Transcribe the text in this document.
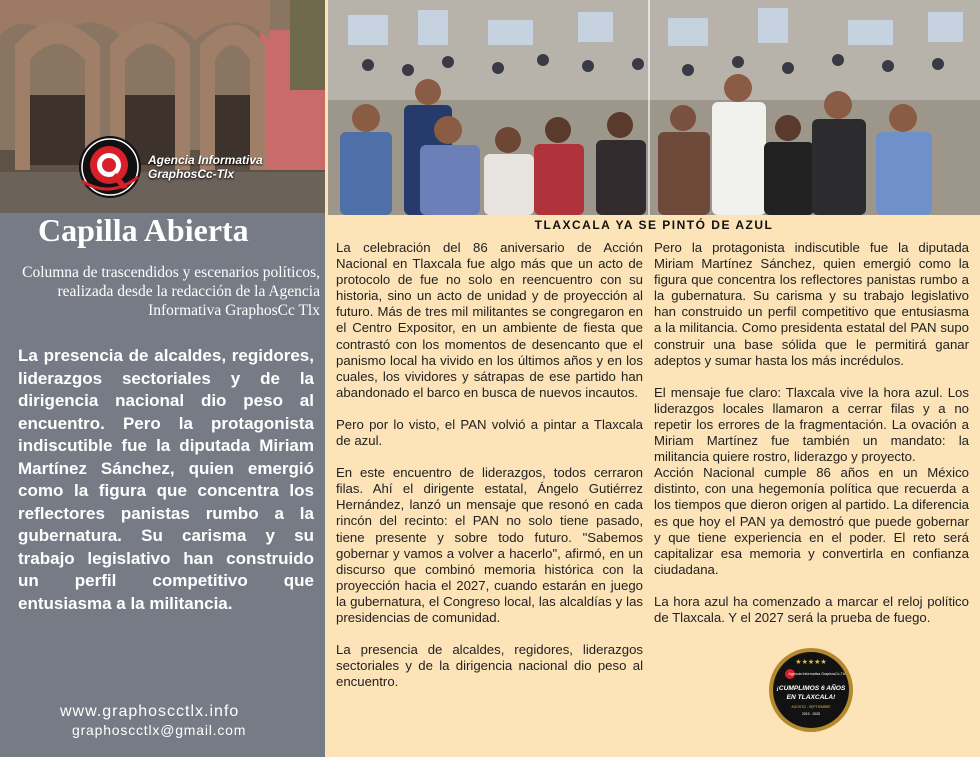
Agencia Informativa
GraphosCc-Tlx
Capilla Abierta
Columna de trascendidos y escenarios políticos, realizada desde la redacción de la Agencia Informativa GraphosCc Tlx
La presencia de alcaldes, regidores, liderazgos sectoriales y de la dirigencia nacional dio peso al encuentro. Pero la protagonista indiscutible fue la diputada Miriam Martínez Sánchez, quien emergió como la figura que concentra los reflectores panistas rumbo a la gubernatura. Su carisma y su trabajo legislativo han construido un perfil competitivo que entusiasma a la militancia.
www.graphoscctlx.info
graphoscctlx@gmail.com
TLAXCALA YA SE PINTÓ DE AZUL

La celebración del 86 aniversario de Acción Nacional en Tlaxcala fue algo más que un acto de protocolo de fue no solo en reencuentro con su historia, sino un acto de unidad y de proyección al futuro. Más de tres mil militantes se congregaron en el Centro Expositor, en un ambiente de fiesta que contrastó con los momentos de desencanto que el panismo local ha vivido en los últimos años y en los cuales, los vividores y sátrapas de ese partido han abandonado el barco en busca de nuevos incautos.

Pero por lo visto, el PAN volvió a pintar a Tlaxcala de azul.

En este encuentro de liderazgos, todos cerraron filas. Ahí el dirigente estatal, Ángelo Gutiérrez Hernández, lanzó un mensaje que resonó en cada rincón del recinto: el PAN no solo tiene pasado, tiene presente y sobre todo futuro. "Sabemos gobernar y vamos a volver a hacerlo", afirmó, en un discurso que combinó memoria histórica con la proyección hacia el 2027, cuando estarán en juego la gubernatura, el Congreso local, las alcaldías y las presidencias de comunidad.

La presencia de alcaldes, regidores, liderazgos sectoriales y de la dirigencia nacional dio peso al encuentro.

Pero la protagonista indiscutible fue la diputada Miriam Martínez Sánchez, quien emergió como la figura que concentra los reflectores panistas rumbo a la gubernatura. Su carisma y su trabajo legislativo han construido un perfil competitivo que entusiasma a la militancia. Como presidenta estatal del PAN supo construir una base sólida que le permitirá ganar adeptos y sumar hasta los más incrédulos.

El mensaje fue claro: Tlaxcala vive la hora azul. Los liderazgos locales llamaron a cerrar filas y a no repetir los errores de la fragmentación. La ovación a Miriam Martínez fue también un mandato: la militancia quiere rostro, liderazgo y proyecto.

Acción Nacional cumple 86 años en un México distinto, con una hegemonía política que recuerda a los tiempos que dieron origen al partido. La diferencia es que hoy el PAN ya demostró que puede gobernar y que tiene experiencia en el poder. El reto será capitalizar esa memoria y convertirla en confianza ciudadana.

La hora azul ha comenzado a marcar el reloj político de Tlaxcala. Y el 2027 será la prueba de fuego.

★★★★★
Agencia Informativa GraphosCc-Tlx
¡CUMPLIMOS 6 AÑOS
EN TLAXCALA!
AGOSTO - SEPTIEMBRE
2019 - 2025
